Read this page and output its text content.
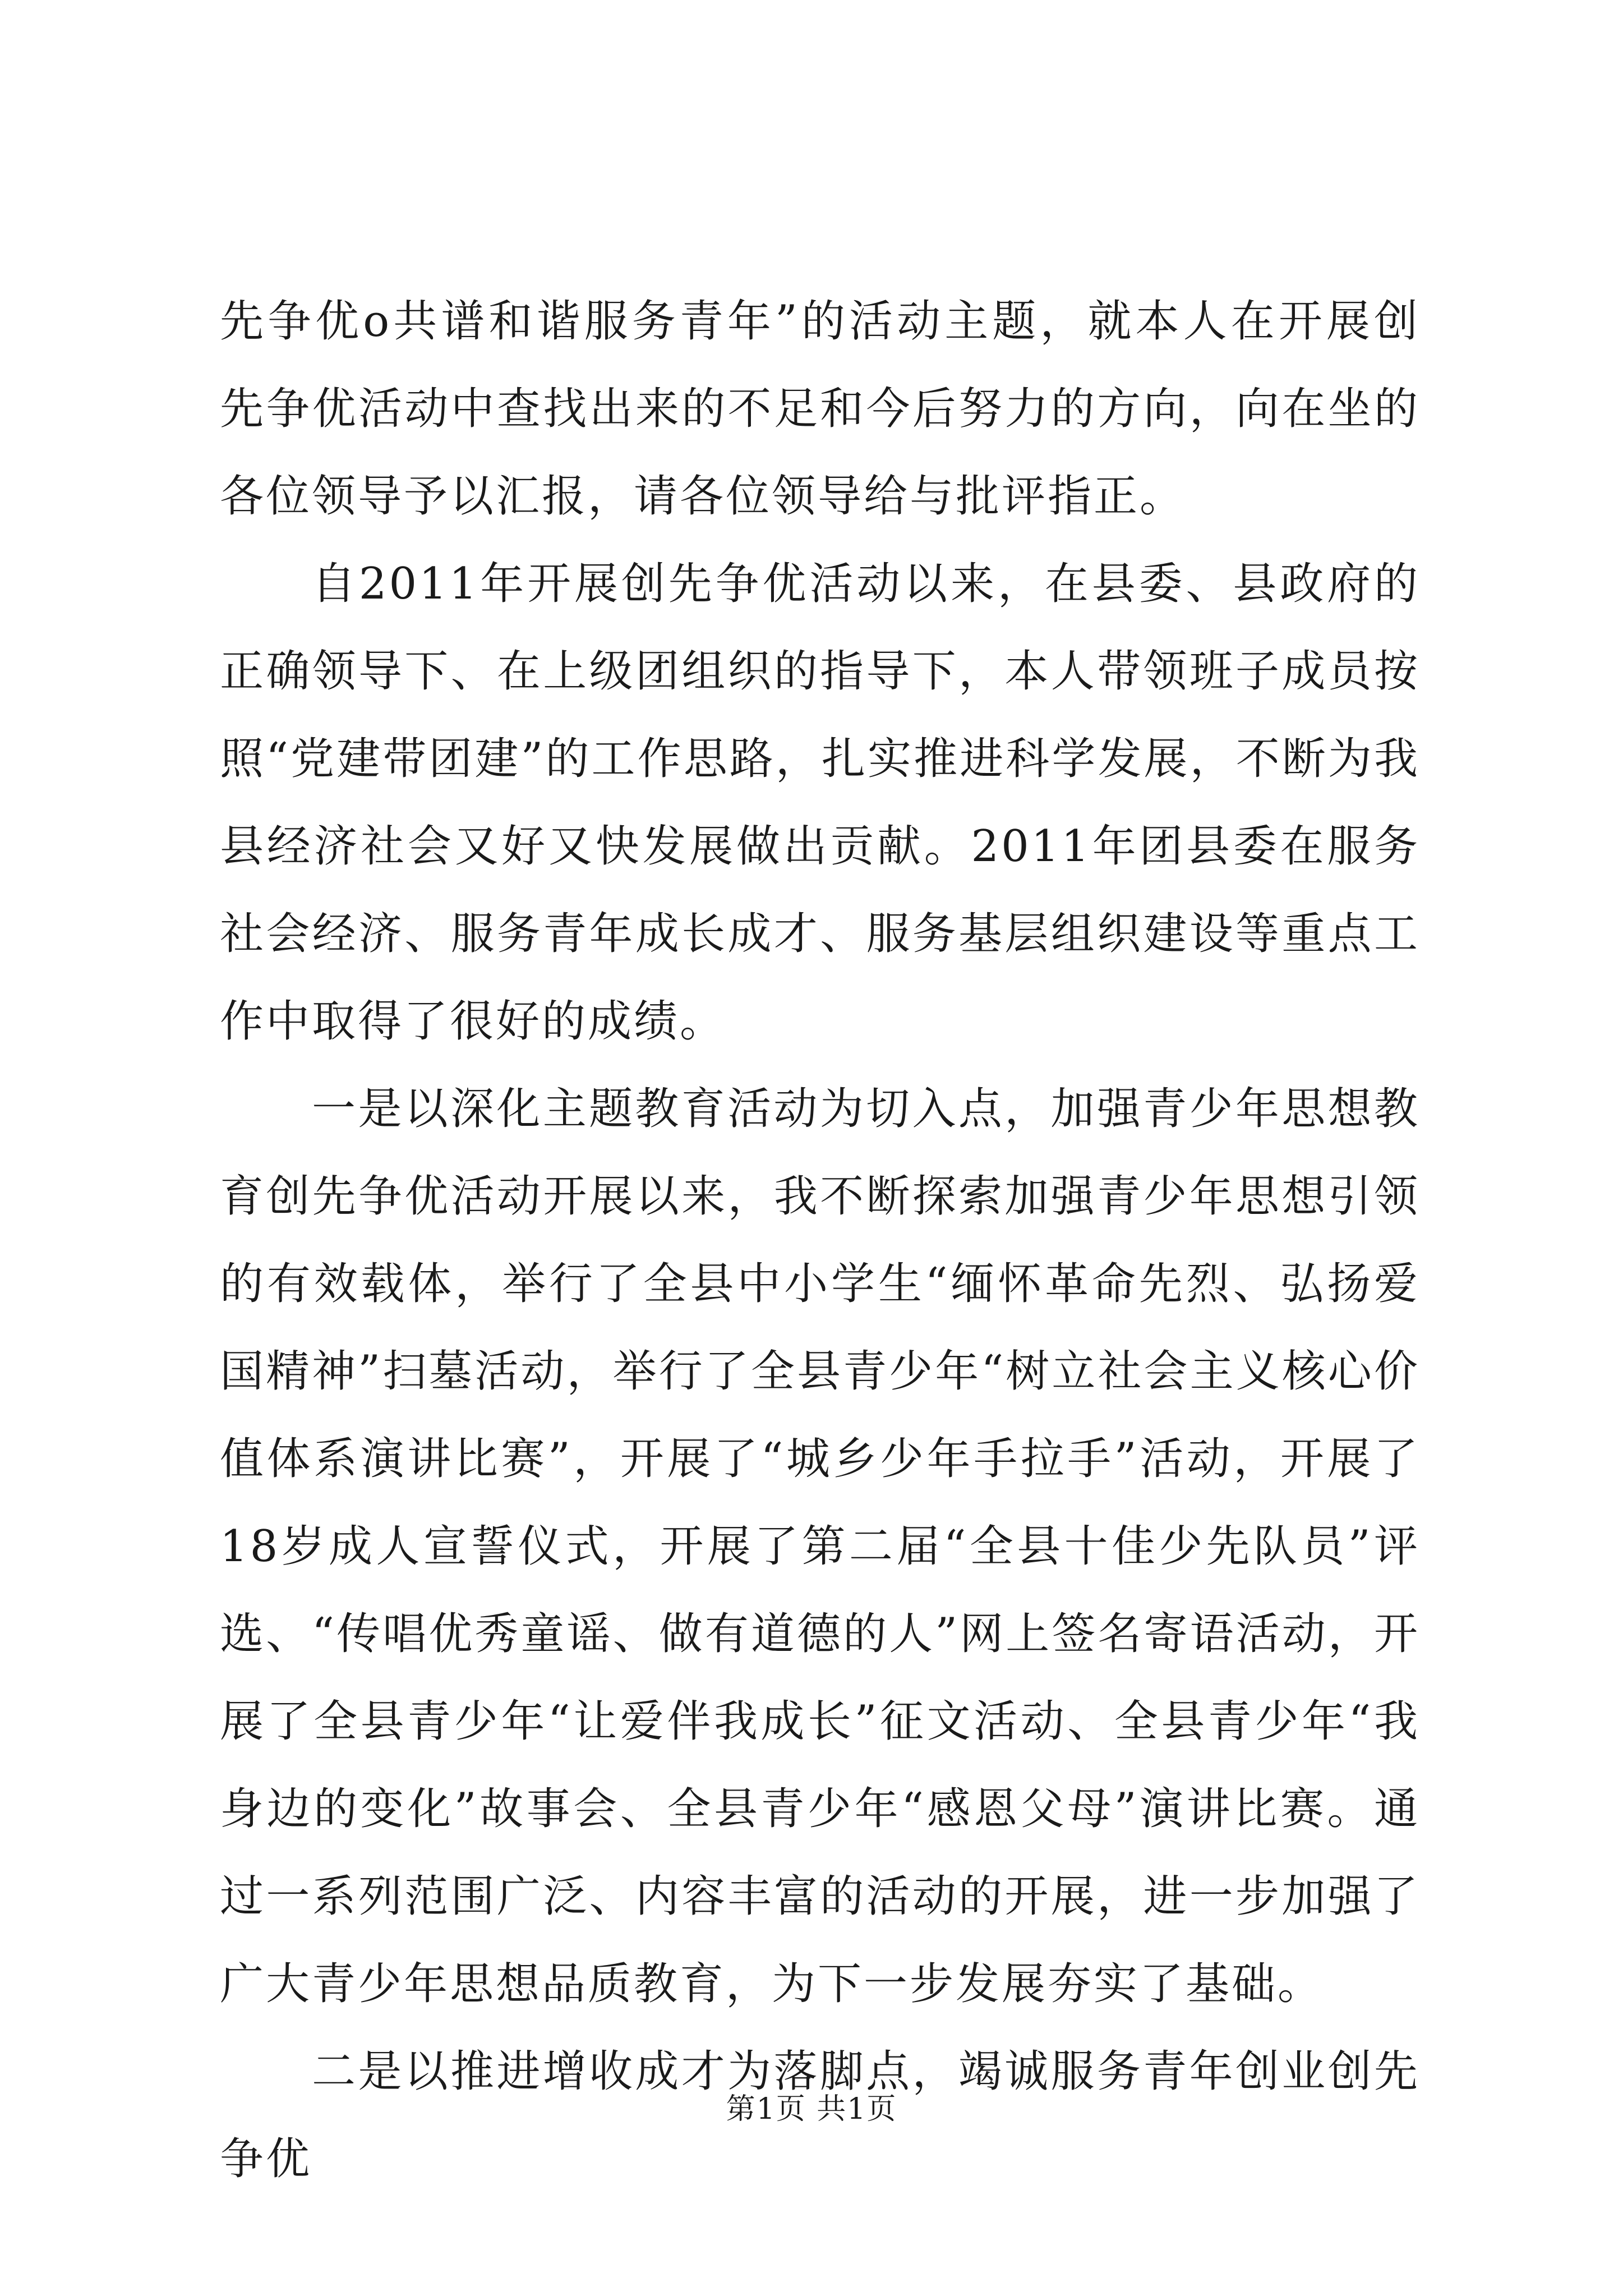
先争优o共谱和谐服务青年”的活动主题，就本人在开展创先争优活动中查找出来的不足和今后努力的方向，向在坐的各位领导予以汇报，请各位领导给与批评指正。

自2011年开展创先争优活动以来，在县委、县政府的正确领导下、在上级团组织的指导下，本人带领班子成员按照“党建带团建”的工作思路，扎实推进科学发展，不断为我县经济社会又好又快发展做出贡献。2011年团县委在服务社会经济、服务青年成长成才、服务基层组织建设等重点工作中取得了很好的成绩。

一是以深化主题教育活动为切入点，加强青少年思想教育创先争优活动开展以来，我不断探索加强青少年思想引领的有效载体，举行了全县中小学生“缅怀革命先烈、弘扬爱国精神”扫墓活动，举行了全县青少年“树立社会主义核心价值体系演讲比赛”，开展了“城乡少年手拉手”活动，开展了18岁成人宣誓仪式，开展了第二届“全县十佳少先队员”评选、“传唱优秀童谣、做有道德的人”网上签名寄语活动，开展了全县青少年“让爱伴我成长”征文活动、全县青少年“我身边的变化”故事会、全县青少年“感恩父母”演讲比赛。通过一系列范围广泛、内容丰富的活动的开展，进一步加强了广大青少年思想品质教育，为下一步发展夯实了基础。

二是以推进增收成才为落脚点，竭诚服务青年创业创先争优

第1页 共1页
